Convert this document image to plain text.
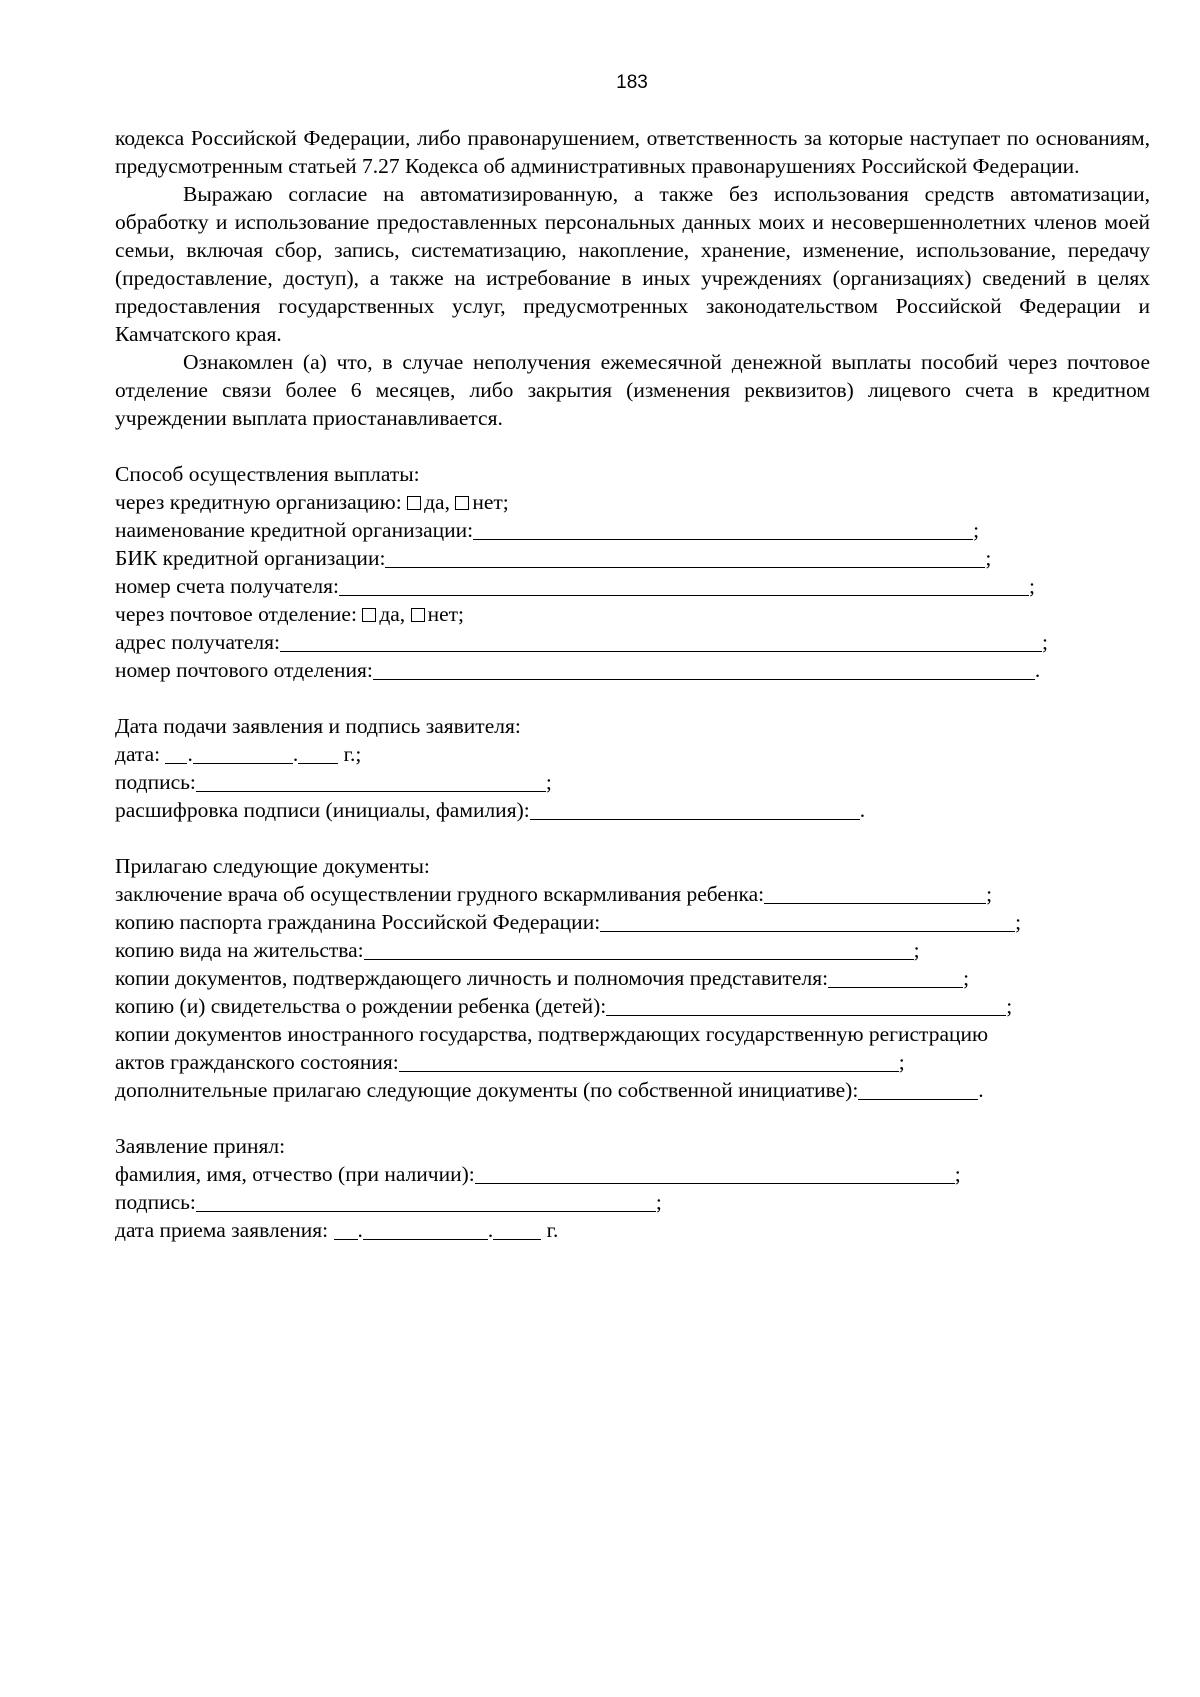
183

кодекса Российской Федерации, либо правонарушением, ответственность за которые наступает по основаниям, предусмотренным статьей 7.27 Кодекса об административных правонарушениях Российской Федерации.

Выражаю согласие на автоматизированную, а также без использования средств автоматизации, обработку и использование предоставленных персональных данных моих и несовершеннолетних членов моей семьи, включая сбор, запись, систематизацию, накопление, хранение, изменение, использование, передачу (предоставление, доступ), а также на истребование в иных учреждениях (организациях) сведений в целях предоставления государственных услуг, предусмотренных законодательством Российской Федерации и Камчатского края.

Ознакомлен (а) что, в случае неполучения ежемесячной денежной выплаты пособий через почтовое отделение связи более 6 месяцев, либо закрытия (изменения реквизитов) лицевого счета в кредитном учреждении выплата приостанавливается.

Способ осуществления выплаты:

через кредитную организацию: да, нет;

наименование кредитной организации:	;

БИК кредитной организации:	;

номер счета получателя:	;

через почтовое отделение: да, нет;

адрес получателя:	;

номер почтового отделения:	.

Дата подачи заявления и подпись заявителя:

дата: .	. г.;

подпись:	;

расшифровка подписи (инициалы, фамилия):	.

Прилагаю следующие документы:

заключение врача об осуществлении грудного вскармливания ребенка:	;

копию паспорта гражданина Российской Федерации:	;

копию вида на жительства:	;

копии документов, подтверждающего личность и полномочия представителя:	;

копию (и) свидетельства о рождении ребенка (детей):	;

копии документов иностранного государства, подтверждающих государственную регистрацию

актов гражданского состояния:	;

дополнительные прилагаю следующие документы (по собственной инициативе):	.

Заявление принял:

фамилия, имя, отчество (при наличии):	;

подпись:	;

дата приема заявления: .	. г.
